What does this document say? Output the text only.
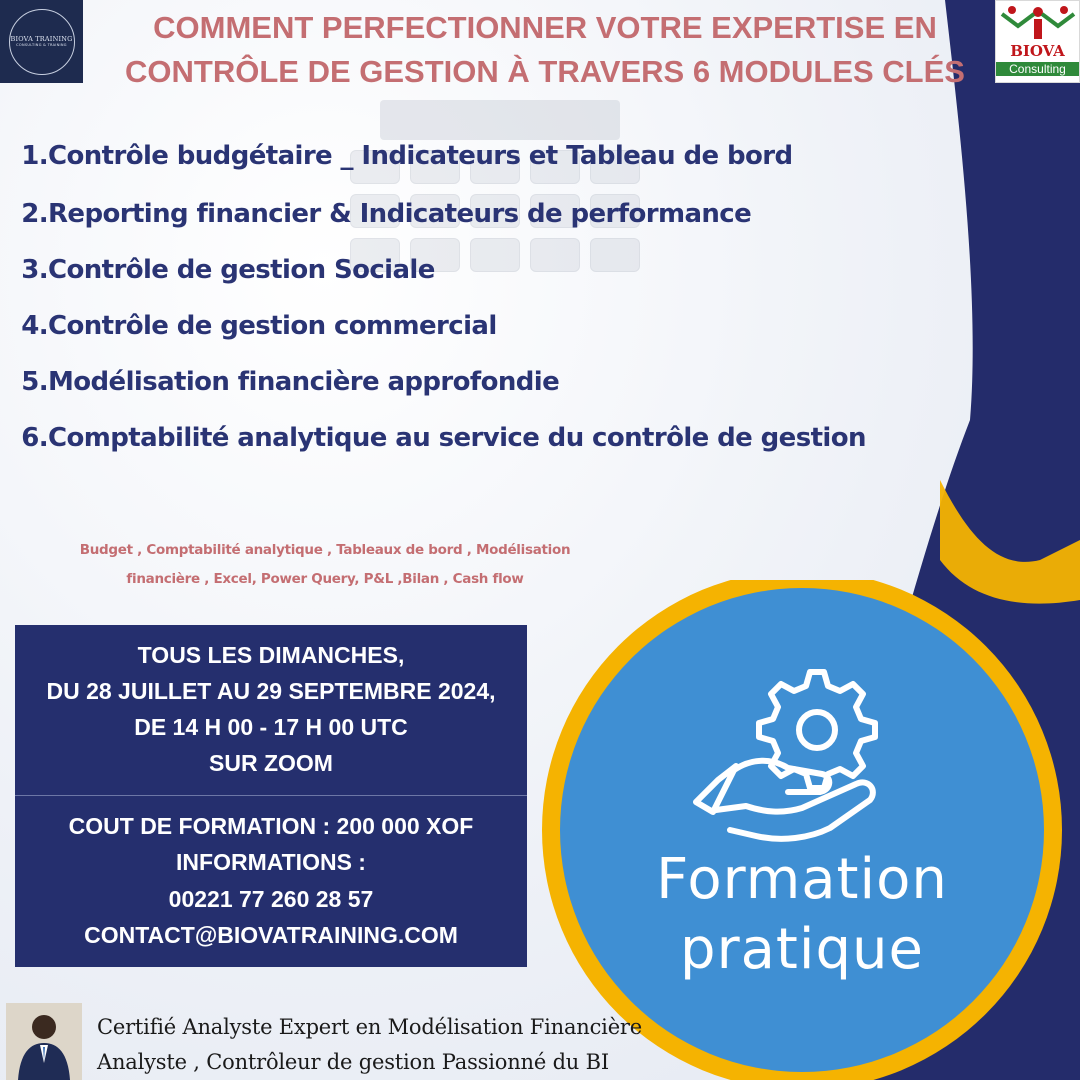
Formation
pratique
BIOVA TRAINING
CONSULTING & TRAINING	BIOVA
Consulting
COMMENT PERFECTIONNER VOTRE EXPERTISE EN
CONTRÔLE DE GESTION À TRAVERS 6 MODULES CLÉS
1. Contrôle budgétaire _ Indicateurs et Tableau de bord
2. Reporting financier & Indicateurs de performance
3. Contrôle de gestion Sociale
4. Contrôle de gestion commercial
5. Modélisation financière approfondie
6. Comptabilité analytique au service du contrôle de gestion
Budget , Comptabilité analytique , Tableaux de bord , Modélisation
financière , Excel, Power Query, P&L ,Bilan , Cash flow
TOUS LES DIMANCHES,
DU 28 JUILLET AU 29 SEPTEMBRE 2024,
DE 14 H 00 - 17 H 00 UTC
SUR ZOOM
COUT DE FORMATION : 200 000 XOF
INFORMATIONS :
00221 77 260 28 57
CONTACT@BIOVATRAINING.COM
Certifié Analyste Expert en Modélisation Financière
Analyste , Contrôleur de gestion Passionné du BI
